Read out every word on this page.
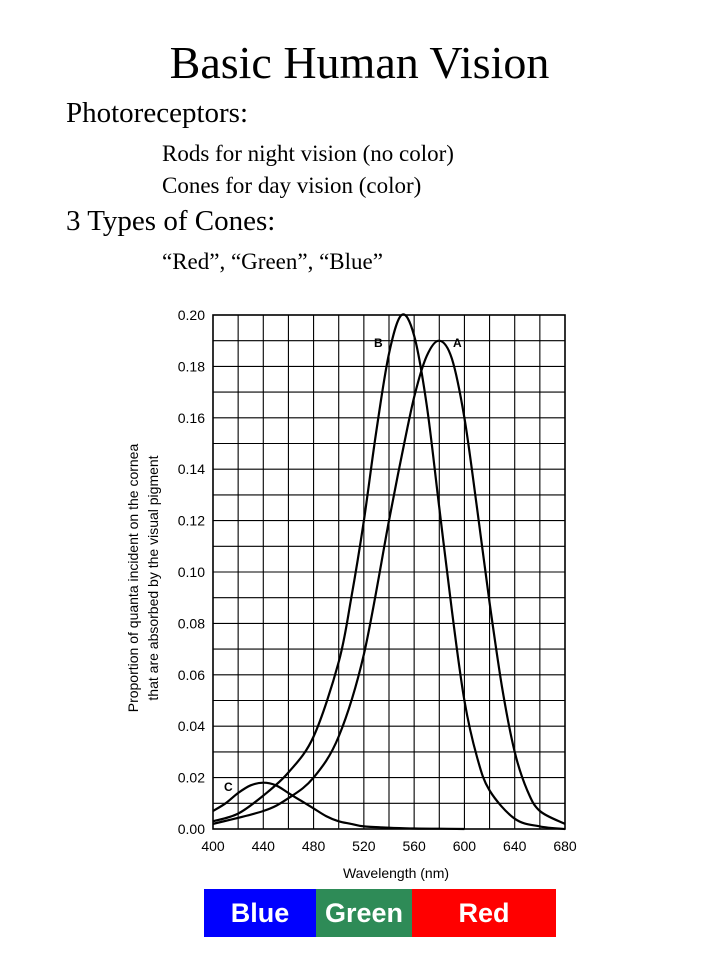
Basic Human Vision
Photoreceptors:
Rods for night vision (no color)
Cones for day vision (color)
3 Types of Cones:
“Red”, “Green”, “Blue”
0.00
0.02
0.04
0.06
0.08
0.10
0.12
0.14
0.16
0.18
0.20
400 440 480 520 560 600 640 680
C
B	A
Wavelength (nm)
Proportion of quanta incident on the cornea that are absorbed by the visual pigment
Blue	Green	Red
